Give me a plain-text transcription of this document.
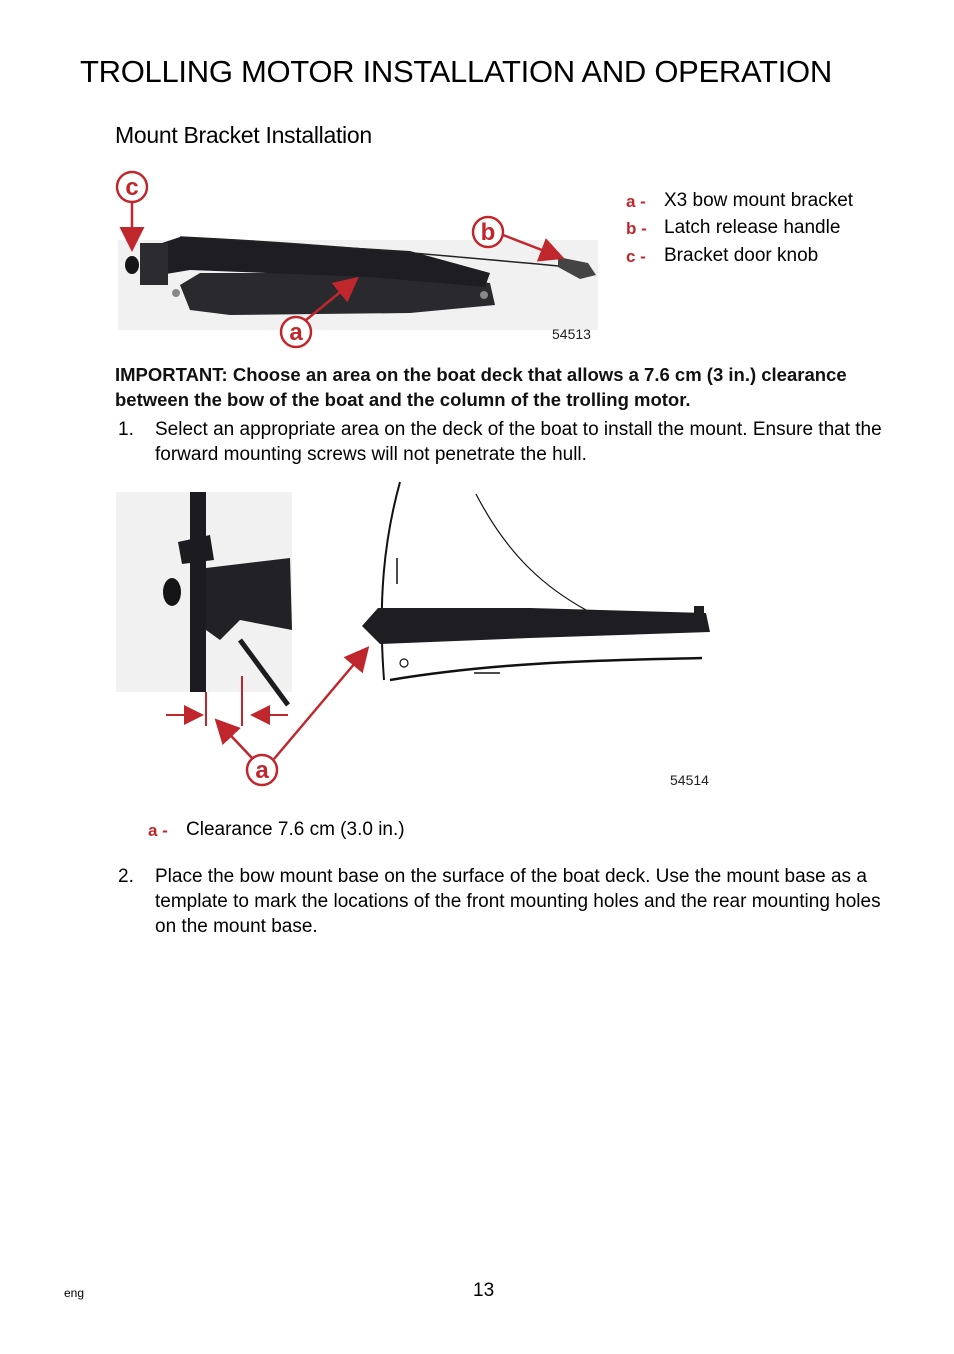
TROLLING MOTOR INSTALLATION AND OPERATION
Mount Bracket Installation
c
b
a	54513
a - X3 bow mount bracket
b - Latch release handle
c - Bracket door knob
IMPORTANT: Choose an area on the boat deck that allows a 7.6 cm (3 in.) clearance between the bow of the boat and the column of the trolling motor.
1. Select an appropriate area on the deck of the boat to install the mount. Ensure that the forward mounting screws will not penetrate the hull.
a	54514
a - Clearance 7.6 cm (3.0 in.)
2. Place the bow mount base on the surface of the boat deck. Use the mount base as a template to mark the locations of the front mounting holes and the rear mounting holes on the mount base.
eng	13
